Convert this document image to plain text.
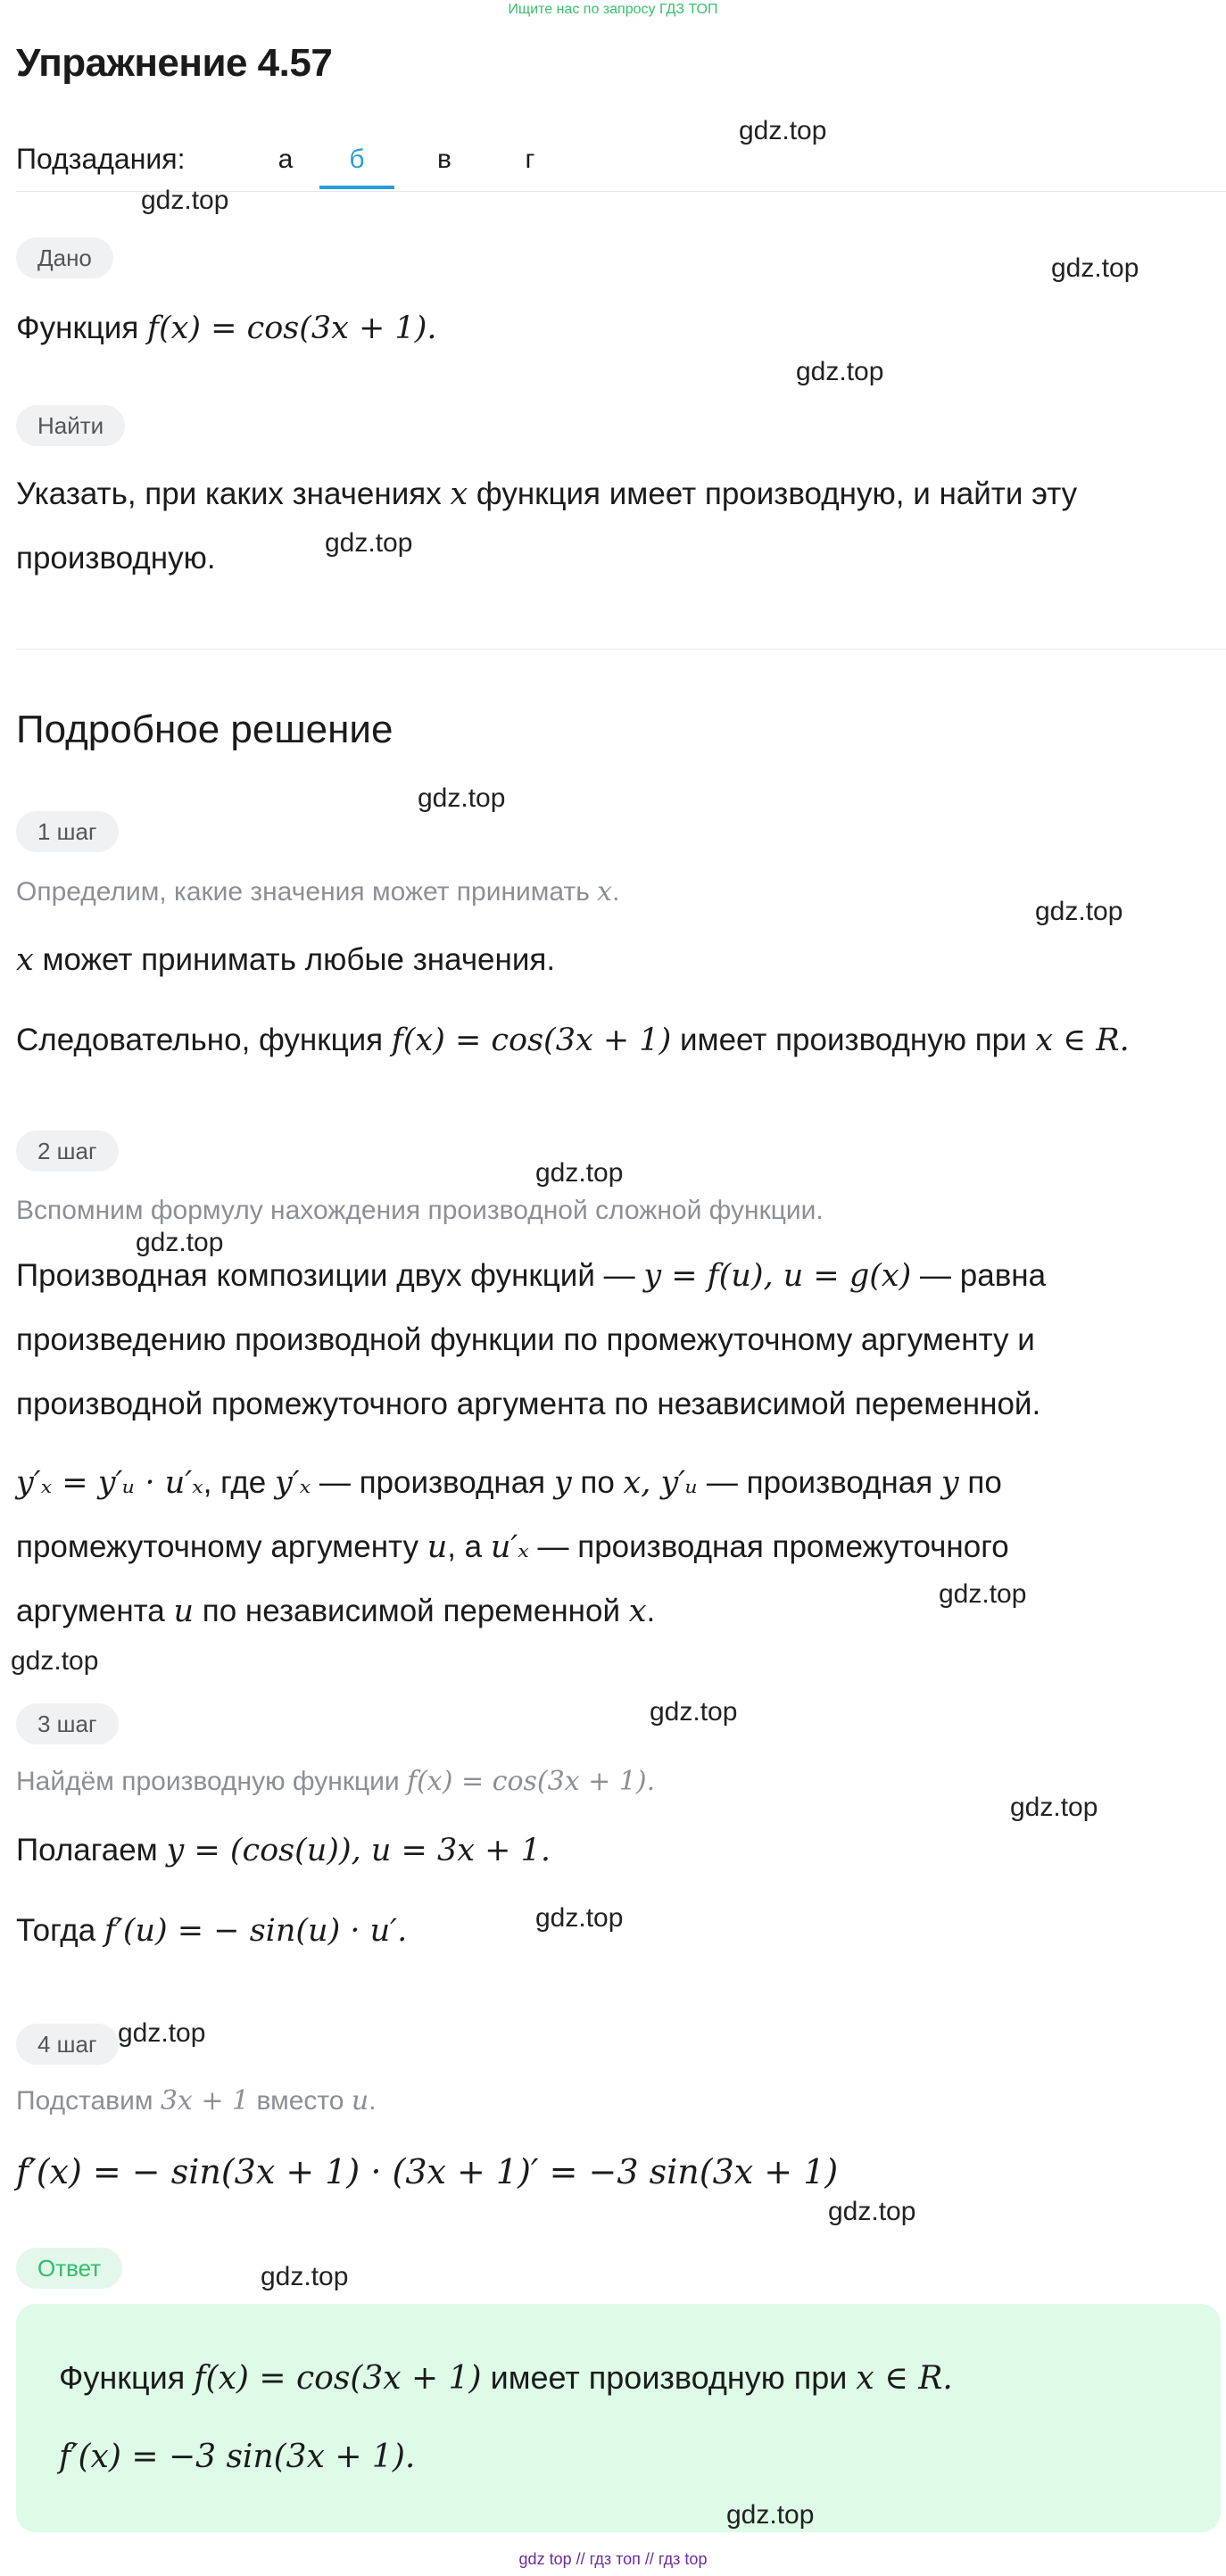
Ищите нас по запросу ГДЗ ТОП
Упражнение 4.57
Подзадания:	а	б	в	г
Дано

Функция f(x) = cos(3x + 1).

Найти

Указать, при каких значениях x функция имеет производную, и найти эту
производную.

Подробное решение
1 шаг

Определим, какие значения может принимать x.

x может принимать любые значения.

Следовательно, функция f(x) = cos(3x + 1) имеет производную при x ∈ R.

2 шаг

Вспомним формулу нахождения производной сложной функции.

Производная композиции двух функций — y = f(u), u = g(x) — равна
произведению производной функции по промежуточному аргументу и
производной промежуточного аргумента по независимой переменной.

y′ₓ = y′ᵤ · u′ₓ, где y′ₓ — производная y по x, y′ᵤ — производная y по
промежуточному аргументу u, а u′ₓ — производная промежуточного
аргумента u по независимой переменной x.

3 шаг

Найдём производную функции f(x) = cos(3x + 1).

Полагаем y = (cos(u)), u = 3x + 1.

Тогда f′(u) = − sin(u) · u′.

4 шаг

Подставим 3x + 1 вместо u.

f′(x) = − sin(3x + 1) · (3x + 1)′ = −3 sin(3x + 1)

Ответ
Функция f(x) = cos(3x + 1) имеет производную при x ∈ R.
f′(x) = −3 sin(3x + 1).
gdz.top
gdz.top
gdz.top
gdz.top
gdz.top
gdz.top
gdz.top
gdz.top
gdz.top
gdz.top
gdz.top
gdz.top
gdz.top
gdz.top
gdz.top
gdz.top
gdz.top
gdz.top
gdz top // гдз топ // гдз top
